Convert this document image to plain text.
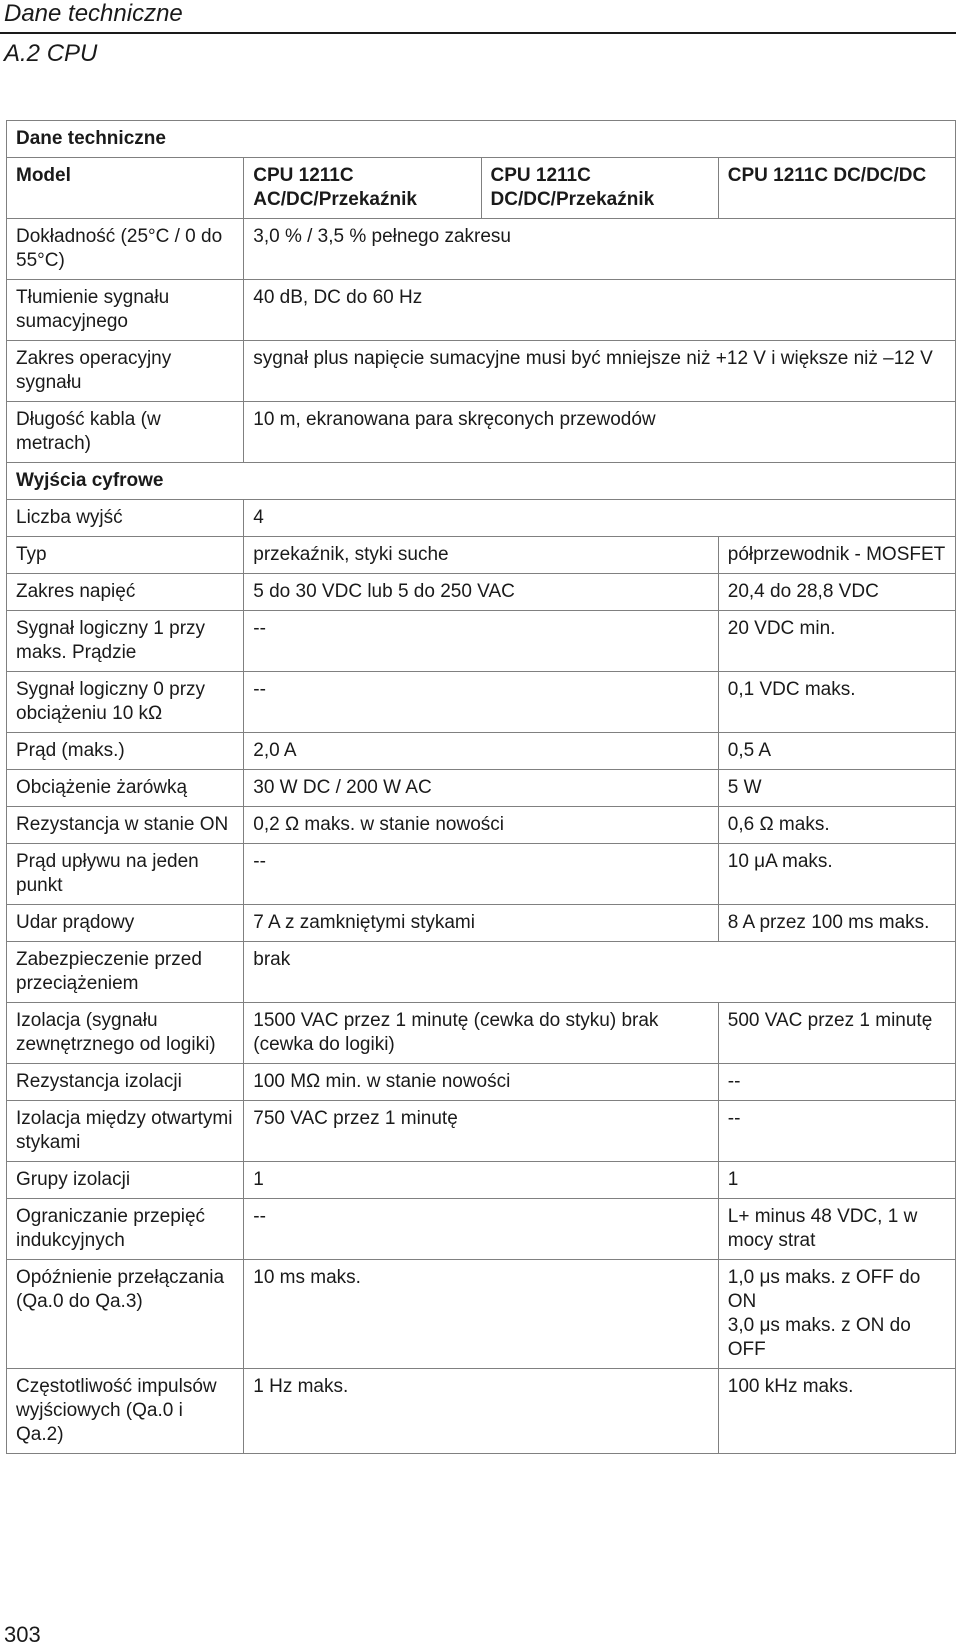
Dane techniczne
A.2 CPU
Dane techniczne			
Model	CPU 1211C AC/DC/Przekaźnik	CPU 1211C DC/DC/Przekaźnik	CPU 1211C DC/DC/DC
Dokładność (25°C / 0 do 55°C)	3,0 % / 3,5 % pełnego zakresu		
Tłumienie sygnału sumacyjnego	40 dB, DC do 60 Hz		
Zakres operacyjny sygnału	sygnał plus napięcie sumacyjne musi być mniejsze niż +12 V i większe niż –12 V		
Długość kabla (w metrach)	10 m, ekranowana para skręconych przewodów		
Wyjścia cyfrowe			
Liczba wyjść	4		
Typ	przekaźnik, styki suche		półprzewodnik - MOSFET
Zakres napięć	5 do 30 VDC lub 5 do 250 VAC		20,4 do 28,8 VDC
Sygnał logiczny 1 przy maks. Prądzie	--		20 VDC min.
Sygnał logiczny 0 przy obciążeniu 10 kΩ	--		0,1 VDC maks.
Prąd (maks.)	2,0 A		0,5 A
Obciążenie żarówką	30 W DC / 200 W AC		5 W
Rezystancja w stanie ON	0,2 Ω maks. w stanie nowości		0,6 Ω maks.
Prąd upływu na jeden punkt	--		10 μA maks.
Udar prądowy	7 A z zamkniętymi stykami		8 A przez 100 ms maks.
Zabezpieczenie przed przeciążeniem	brak		
Izolacja (sygnału zewnętrznego od logiki)	1500 VAC przez 1 minutę (cewka do styku) brak (cewka do logiki)		500 VAC przez 1 minutę
Rezystancja izolacji	100 MΩ min. w stanie nowości		--
Izolacja między otwartymi stykami	750 VAC przez 1 minutę		--
Grupy izolacji	1		1
Ograniczanie przepięć indukcyjnych	--		L+ minus 48 VDC, 1 w mocy strat
Opóźnienie przełączania (Qa.0 do Qa.3)	10 ms maks.		1,0 μs maks. z OFF do ON
3,0 μs maks. z ON do OFF

Częstotliwość impulsów wyjściowych (Qa.0 i Qa.2)	1 Hz maks.		100 kHz maks.
303
